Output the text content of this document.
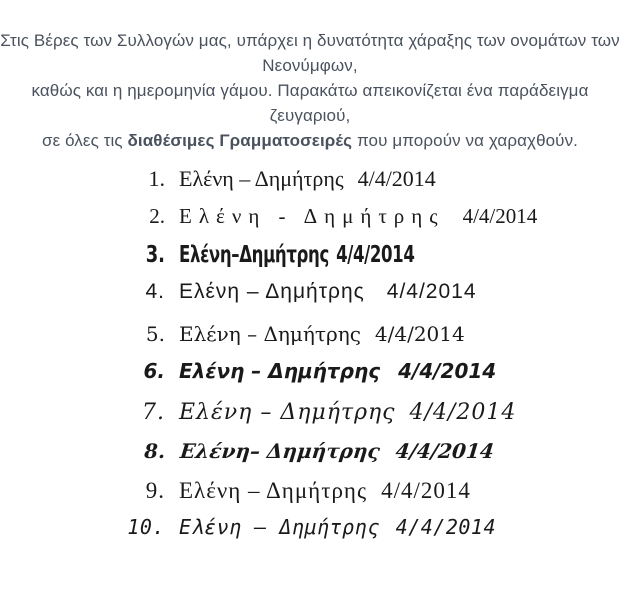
Στις Βέρες των Συλλογών μας, υπάρχει η δυνατότητα χάραξης των ονομάτων των Νεονύμφων,
καθώς και η ημερομηνία γάμου. Παρακάτω απεικονίζεται ένα παράδειγμα ζευγαριού,
σε όλες τις διαθέσιμες Γραμματοσειρές που μπορούν να χαραχθούν.
1. Ελένη – Δημήτρης 4/4/2014
2. Ελένη - Δημήτρης 4/4/2014
3. Ελένη–Δημήτρης 4/4/2014
4. Ελένη – Δημήτρης 4/4/2014
5. Ελένη – Δημήτρης 4/4/2014
6. Ελένη – Δημήτρης 4/4/2014
7. Ελένη – Δημήτρης 4/4/2014
8. Ελένη– Δημήτρης 4/4/2014
9. Ελένη – Δημήτρης 4/4/2014
10. Ελένη – Δημήτρης 4/4/2014
